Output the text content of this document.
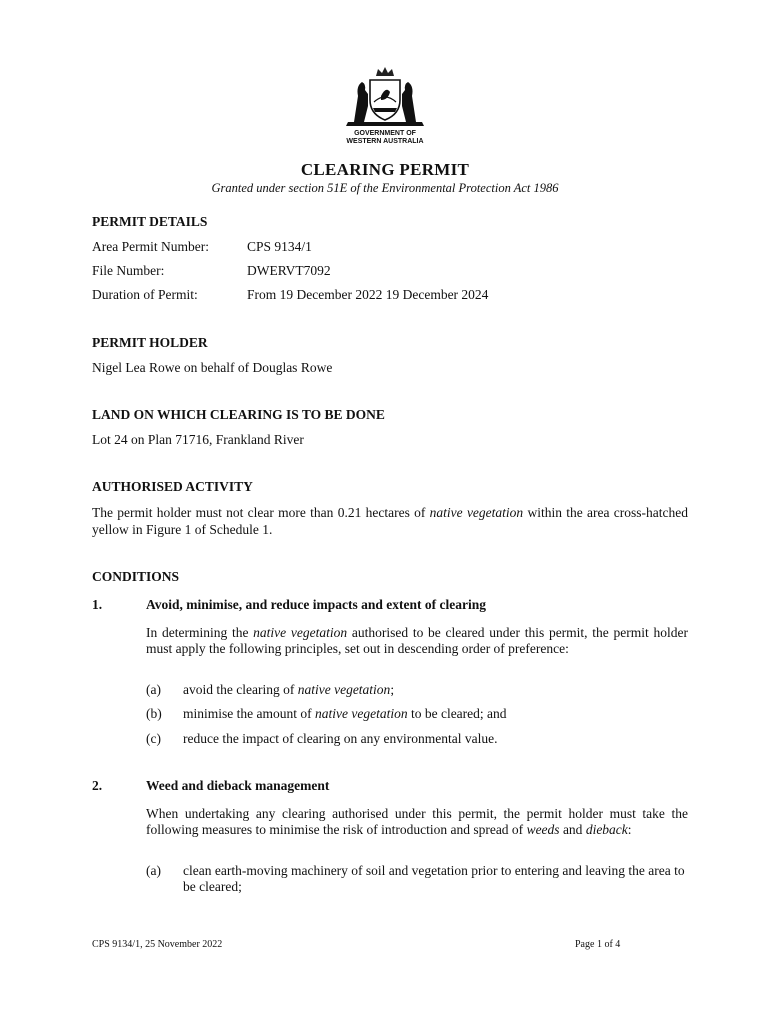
GOVERNMENT OF
WESTERN AUSTRALIA
CLEARING PERMIT
Granted under section 51E of the Environmental Protection Act 1986
PERMIT DETAILS
Area Permit Number:	CPS 9134/1
File Number:	DWERVT7092
Duration of Permit:	From 19 December 2022 19 December 2024
PERMIT HOLDER
Nigel Lea Rowe on behalf of Douglas Rowe
LAND ON WHICH CLEARING IS TO BE DONE
Lot 24 on Plan 71716, Frankland River
AUTHORISED ACTIVITY
The permit holder must not clear more than 0.21 hectares of native vegetation within the area cross-hatched yellow in Figure 1 of Schedule 1.
CONDITIONS
1.	Avoid, minimise, and reduce impacts and extent of clearing
In determining the native vegetation authorised to be cleared under this permit, the permit holder must apply the following principles, set out in descending order of preference:
(a) avoid the clearing of native vegetation;
(b) minimise the amount of native vegetation to be cleared; and
(c) reduce the impact of clearing on any environmental value.
2.	Weed and dieback management
When undertaking any clearing authorised under this permit, the permit holder must take the following measures to minimise the risk of introduction and spread of weeds and dieback:
(a) clean earth-moving machinery of soil and vegetation prior to entering and leaving the area to be cleared;
CPS 9134/1, 25 November 2022	Page 1 of 4
